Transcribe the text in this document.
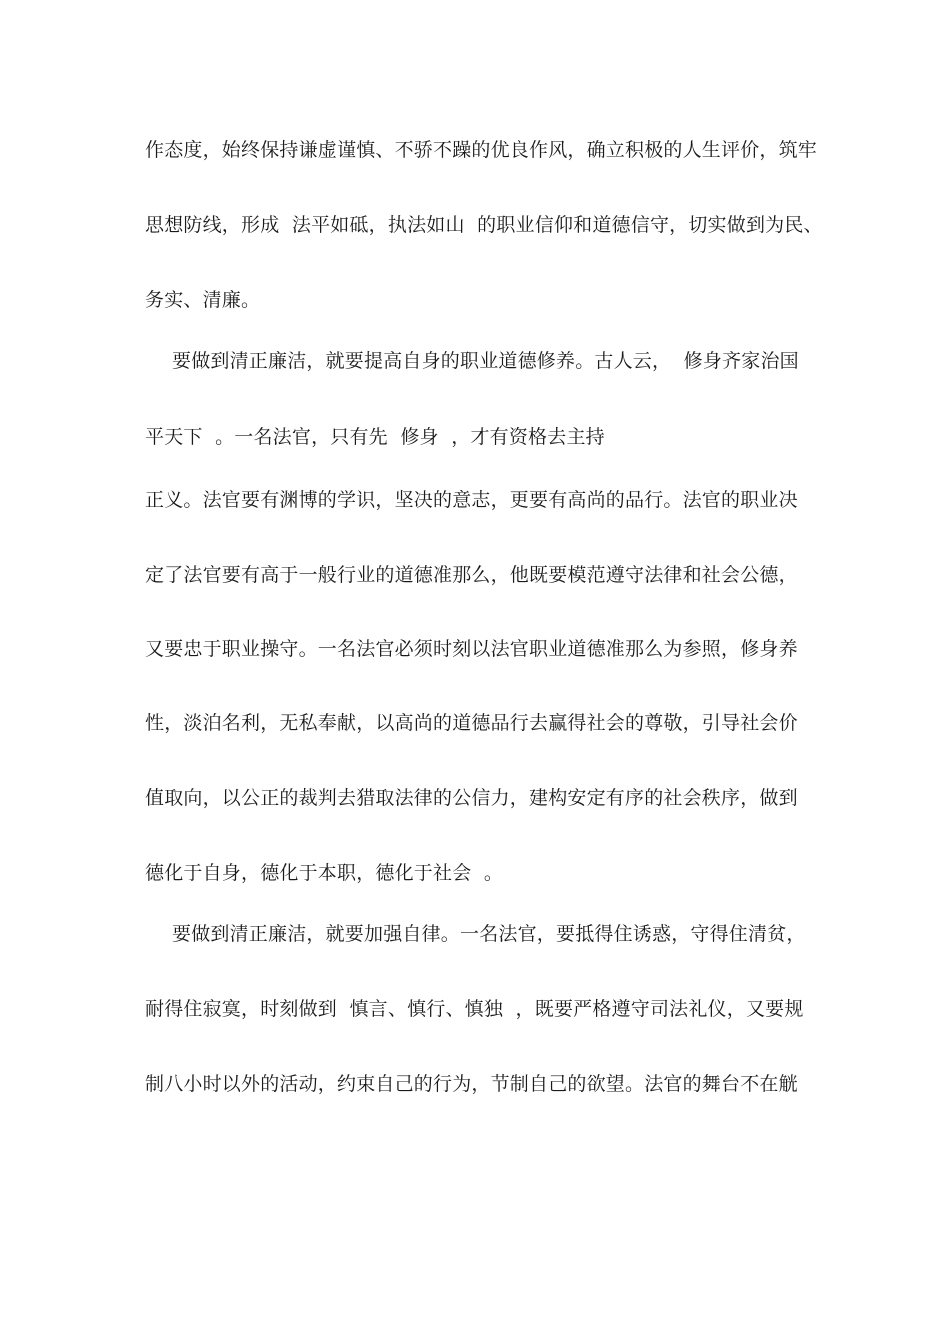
作态度，始终保持谦虚谨慎、不骄不躁的优良作风，确立积极的人生评价，筑牢
思想防线，形成  法平如砥，执法如山  的职业信仰和道德信守，切实做到为民、
务实、清廉。
要做到清正廉洁，就要提高自身的职业道德修养。古人云，  修身齐家治国
平天下  。一名法官，只有先  修身  ，才有资格去主持
正义。法官要有渊博的学识，坚决的意志，更要有高尚的品行。法官的职业决
定了法官要有高于一般行业的道德准那么，他既要模范遵守法律和社会公德，
又要忠于职业操守。一名法官必须时刻以法官职业道德准那么为参照，修身养
性，淡泊名利，无私奉献，以高尚的道德品行去赢得社会的尊敬，引导社会价
值取向，以公正的裁判去猎取法律的公信力，建构安定有序的社会秩序，做到
德化于自身，德化于本职，德化于社会  。
要做到清正廉洁，就要加强自律。一名法官，要抵得住诱惑，守得住清贫，
耐得住寂寞，时刻做到  慎言、慎行、慎独  ，既要严格遵守司法礼仪，又要规
制八小时以外的活动，约束自己的行为，节制自己的欲望。法官的舞台不在觥
